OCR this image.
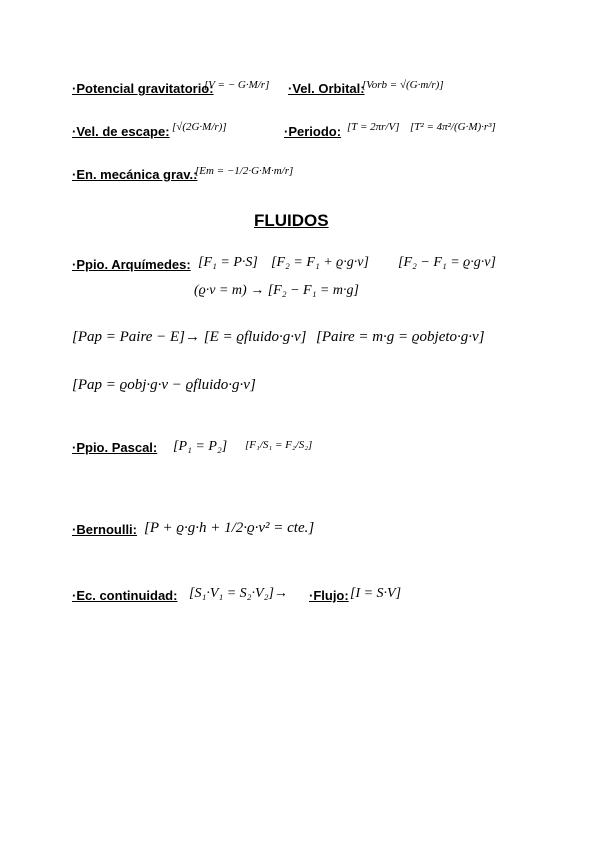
·Potencial gravitatorio:
[V = − G·M/r] ·Vel. Orbital:
[Vorb = √(G·m/r)]
·Vel. de escape: [√(2G·M/r)]	·Periodo: [T = 2πr/V] [T² = 4π²/(G·M)·r³]
·En. mecánica grav.:
[Em = −1/2·G·M·m/r]
FLUIDOS
·Ppio. Arquímedes: [F₁ = P·S] [F₂ = F₁ + ϱ·g·v] [F₂ − F₁ = ϱ·g·v]
(ϱ·v = m) → [F₂ − F₁ = m·g]
[Pap = Paire − E]→ [E = ϱfluido·g·v] [Paire = m·g = ϱobjeto·g·v]
[Pap = ϱobj·g·v − ϱfluido·g·v]
·Ppio. Pascal: [P₁ = P₂] [F₁/S₁ = F₂/S₂]
·Bernoulli: [P + ϱ·g·h + 1/2·ϱ·v² = cte.]
·Ec. continuidad: [S₁·V₁ = S₂·V₂]→ ·Flujo: [I = S·V]
